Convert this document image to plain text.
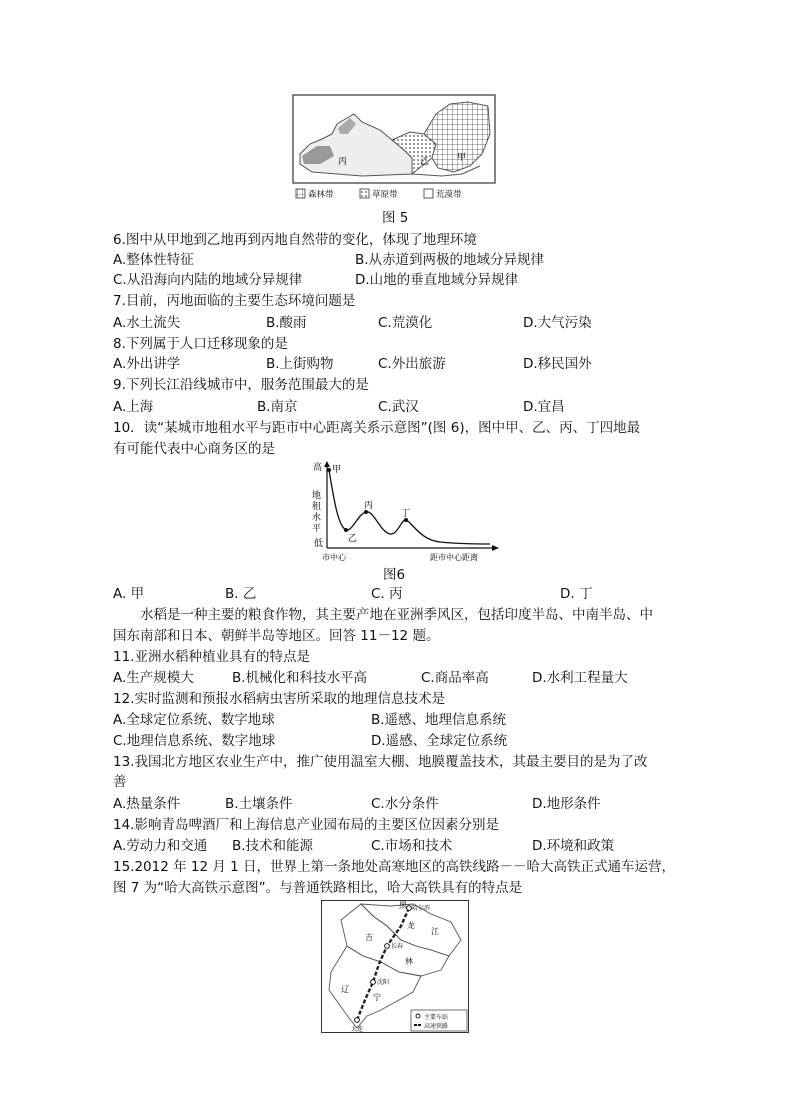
丙	乙	甲
森林带	草原带	荒漠带
图 5
6.图中从甲地到乙地再到丙地自然带的变化，体现了地理环境
A.整体性特征	B.从赤道到两极的地域分异规律
C.从沿海向内陆的地域分异规律	D.山地的垂直地域分异规律
7.目前，丙地面临的主要生态环境问题是
A.水土流失	B.酸雨	C.荒漠化	D.大气污染
8.下列属于人口迁移现象的是
A.外出讲学	B.上街购物	C.外出旅游	D.移民国外
9.下列长江沿线城市中，服务范围最大的是
A.上海	B.南京	C.武汉	D.宜昌
10．读“某城市地租水平与距市中心距离关系示意图”(图 6)，图中甲、乙、丙、丁四地最
有可能代表中心商务区的是
高
低
地租水平
市中心	距市中心距离
甲
乙
丙
丁
图6
A. 甲	B. 乙	C. 丙	D. 丁
水稻是一种主要的粮食作物，其主要产地在亚洲季风区，包括印度半岛、中南半岛、中
国东南部和日本、朝鲜半岛等地区。回答 11－12 题。
11.亚洲水稻种植业具有的特点是
A.生产规模大	B.机械化和科技水平高	C.商品率高	D.水利工程量大
12.实时监测和预报水稻病虫害所采取的地理信息技术是
A.全球定位系统、数字地球	B.遥感、地理信息系统
C.地理信息系统、数字地球	D.遥感、全球定位系统
13.我国北方地区农业生产中，推广使用温室大棚、地膜覆盖技术，其最主要目的是为了改
善
A.热量条件	B.土壤条件	C.水分条件	D.地形条件
14.影响青岛啤酒厂和上海信息产业园布局的主要区位因素分别是
A.劳动力和交通 B.技术和能源	C.市场和技术	D.环境和政策
15.2012 年 12 月 1 日，世界上第一条地处高寒地区的高铁线路－－哈大高铁正式通车运营，
图 7 为“哈大高铁示意图”。与普通铁路相比，哈大高铁具有的特点是
黑
龙
江
吉
林
辽
宁
哈尔滨
长春
沈阳
大连
主要车站
高速铁路
